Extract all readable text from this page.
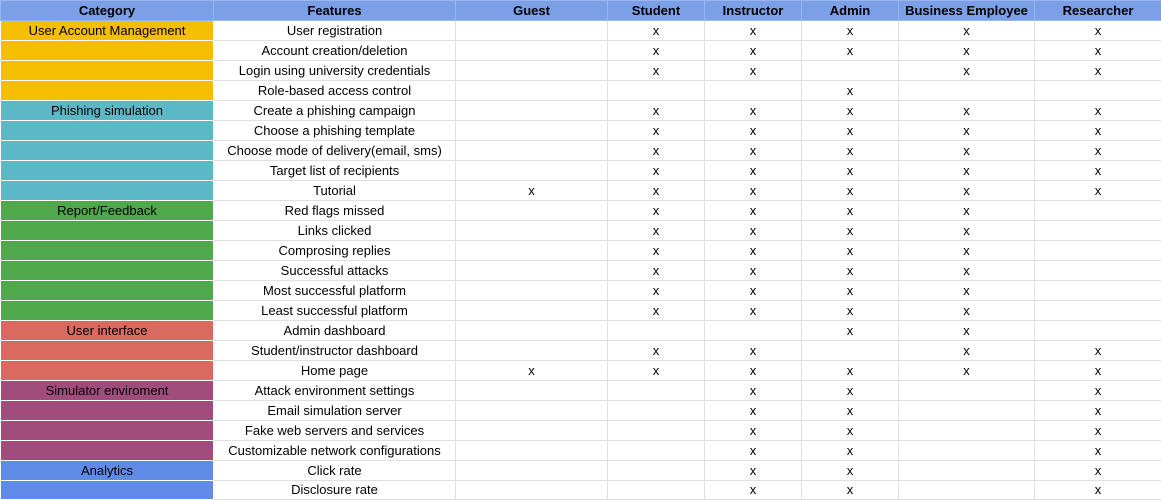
Category	Features	Guest	Student	Instructor	Admin	Business Employee	Researcher
User Account Management	User registration		x	x	x	x	x
	Account creation/deletion		x	x	x	x	x
	Login using university credentials		x	x		x	x
	Role-based access control				x		
Phishing simulation	Create a phishing campaign		x	x	x	x	x
	Choose a phishing template		x	x	x	x	x
	Choose mode of delivery(email, sms)		x	x	x	x	x
	Target list of recipients		x	x	x	x	x
	Tutorial	x	x	x	x	x	x
Report/Feedback	Red flags missed		x	x	x	x	
	Links clicked		x	x	x	x	
	Comprosing replies		x	x	x	x	
	Successful attacks		x	x	x	x	
	Most successful platform		x	x	x	x	
	Least successful platform		x	x	x	x	
User interface	Admin dashboard				x	x	
	Student/instructor dashboard		x	x		x	x
	Home page	x	x	x	x	x	x
Simulator enviroment	Attack environment settings			x	x		x
	Email simulation server			x	x		x
	Fake web servers and services			x	x		x
	Customizable network configurations			x	x		x
Analytics	Click rate			x	x		x
	Disclosure rate			x	x		x
